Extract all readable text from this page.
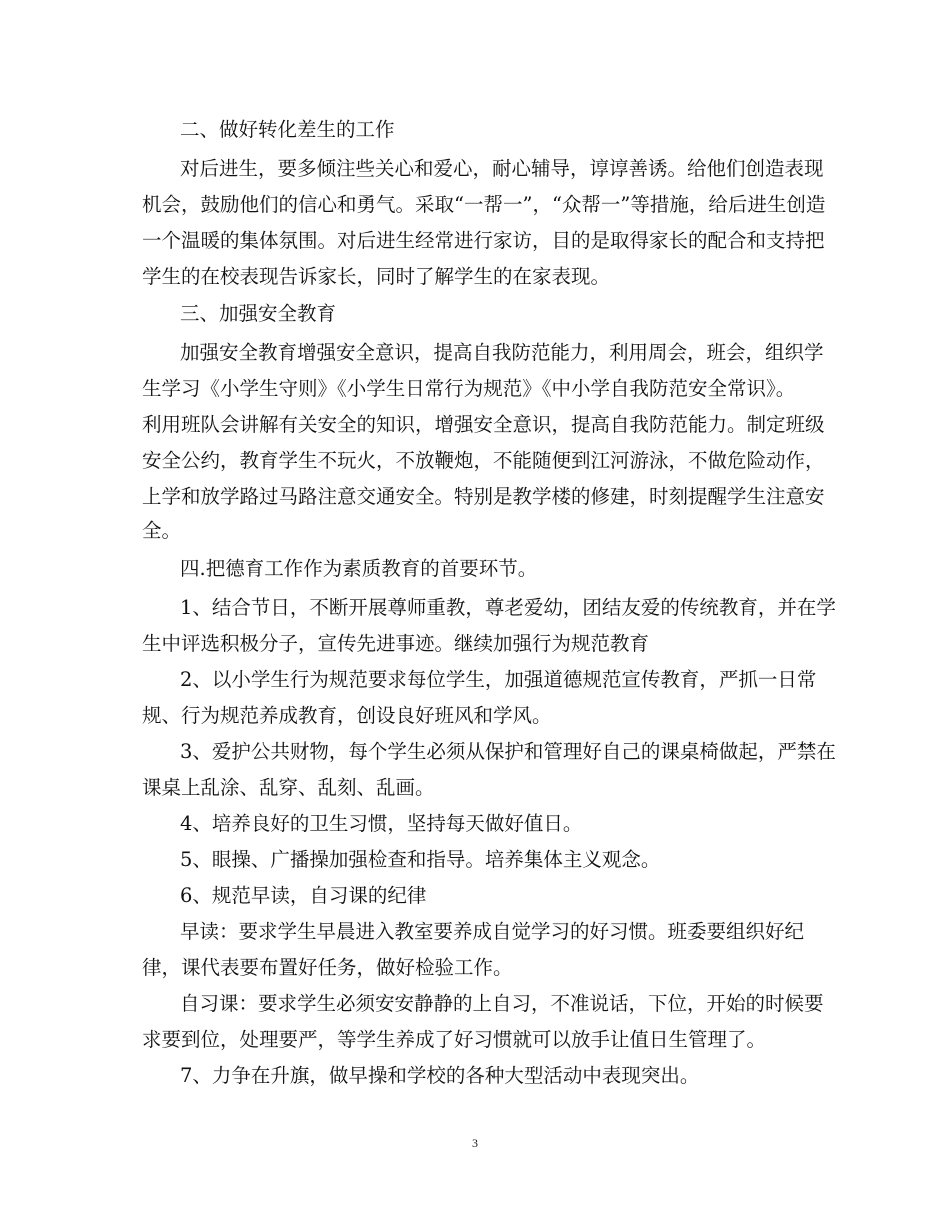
二、做好转化差生的工作

对后进生，要多倾注些关心和爱心，耐心辅导，谆谆善诱。给他们创造表现

机会，鼓励他们的信心和勇气。采取“一帮一”，“众帮一”等措施，给后进生创造

一个温暖的集体氛围。对后进生经常进行家访，目的是取得家长的配合和支持把

学生的在校表现告诉家长，同时了解学生的在家表现。

三、加强安全教育

加强安全教育增强安全意识，提高自我防范能力，利用周会，班会，组织学

生学习《小学生守则》《小学生日常行为规范》《中小学自我防范安全常识》。

利用班队会讲解有关安全的知识，增强安全意识，提高自我防范能力。制定班级

安全公约，教育学生不玩火，不放鞭炮，不能随便到江河游泳，不做危险动作，

上学和放学路过马路注意交通安全。特别是教学楼的修建，时刻提醒学生注意安

全。

四.把德育工作作为素质教育的首要环节。

1、结合节日，不断开展尊师重教，尊老爱幼，团结友爱的传统教育，并在学

生中评选积极分子，宣传先进事迹。继续加强行为规范教育

2、以小学生行为规范要求每位学生，加强道德规范宣传教育，严抓一日常

规、行为规范养成教育，创设良好班风和学风。

3、爱护公共财物，每个学生必须从保护和管理好自己的课桌椅做起，严禁在

课桌上乱涂、乱穿、乱刻、乱画。

4、培养良好的卫生习惯，坚持每天做好值日。

5、眼操、广播操加强检查和指导。培养集体主义观念。

6、规范早读，自习课的纪律

早读：要求学生早晨进入教室要养成自觉学习的好习惯。班委要组织好纪

律，课代表要布置好任务，做好检验工作。

自习课：要求学生必须安安静静的上自习，不准说话，下位，开始的时候要

求要到位，处理要严，等学生养成了好习惯就可以放手让值日生管理了。

7、力争在升旗，做早操和学校的各种大型活动中表现突出。

3
